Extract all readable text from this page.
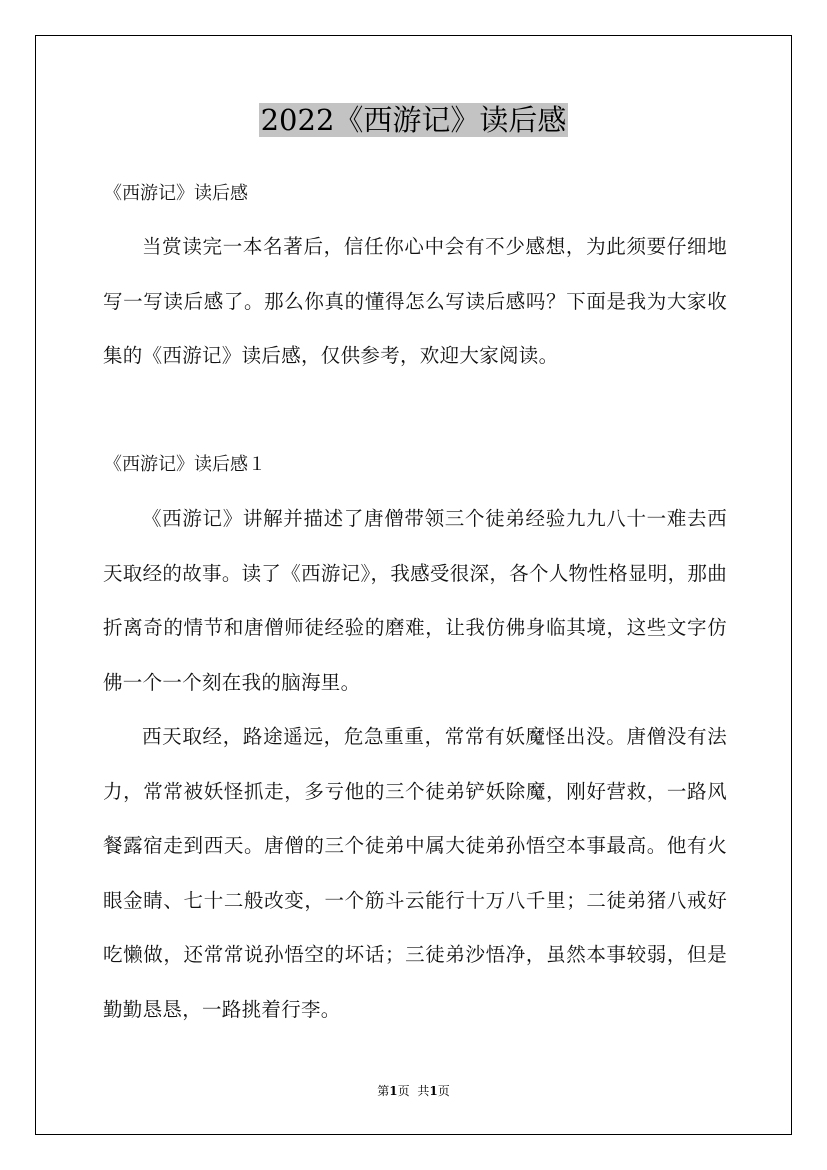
2022《西游记》读后感
《西游记》读后感

当赏读完一本名著后，信任你心中会有不少感想，为此须要仔细地写一写读后感了。那么你真的懂得怎么写读后感吗？下面是我为大家收集的《西游记》读后感，仅供参考，欢迎大家阅读。

《西游记》读后感１

《西游记》讲解并描述了唐僧带领三个徒弟经验九九八十一难去西天取经的故事。读了《西游记》，我感受很深，各个人物性格显明，那曲折离奇的情节和唐僧师徒经验的磨难，让我仿佛身临其境，这些文字仿佛一个一个刻在我的脑海里。

西天取经，路途遥远，危急重重，常常有妖魔怪出没。唐僧没有法力，常常被妖怪抓走，多亏他的三个徒弟铲妖除魔，刚好营救，一路风餐露宿走到西天。唐僧的三个徒弟中属大徒弟孙悟空本事最高。他有火眼金睛、七十二般改变，一个筋斗云能行十万八千里；二徒弟猪八戒好吃懒做，还常常说孙悟空的坏话；三徒弟沙悟净，虽然本事较弱，但是勤勤恳恳，一路挑着行李。

第1页 共1页
